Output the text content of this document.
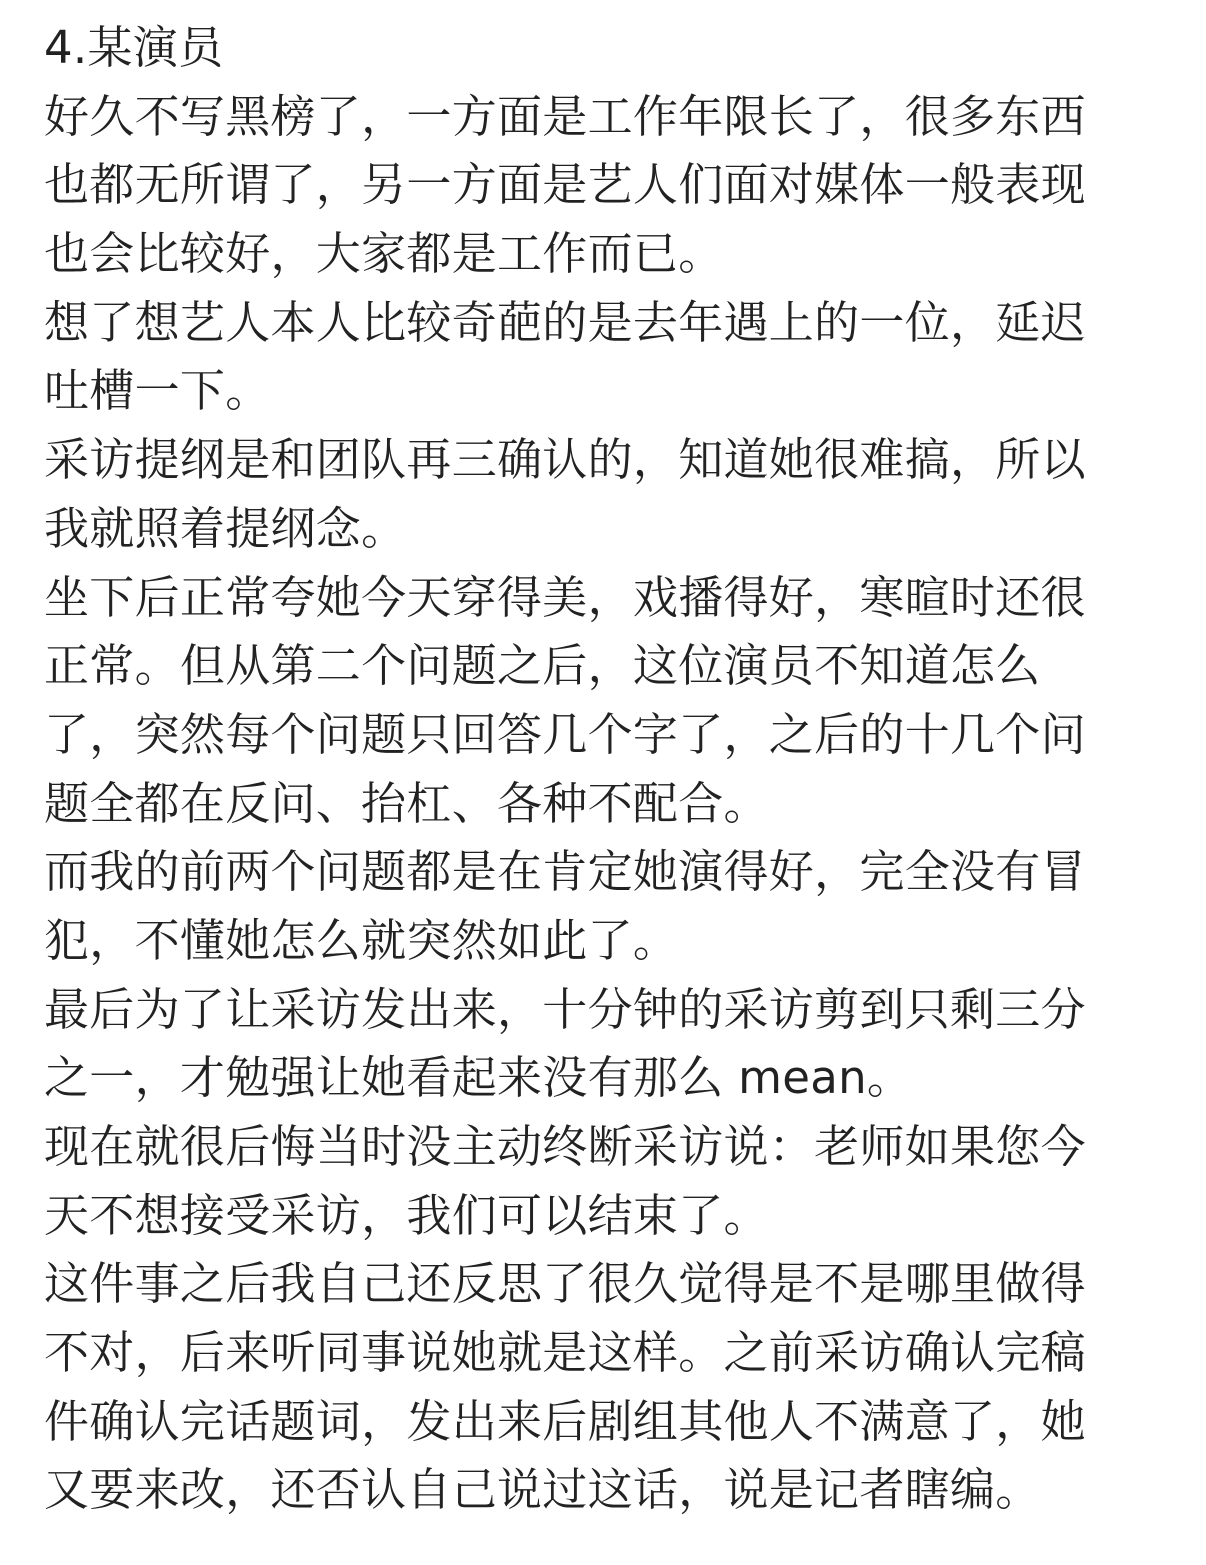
4.某演员
好久不写黑榜了，一方面是工作年限长了，很多东西
也都无所谓了，另一方面是艺人们面对媒体一般表现
也会比较好，大家都是工作而已。
想了想艺人本人比较奇葩的是去年遇上的一位，延迟
吐槽一下。
采访提纲是和团队再三确认的，知道她很难搞，所以
我就照着提纲念。
坐下后正常夸她今天穿得美，戏播得好，寒暄时还很
正常。但从第二个问题之后，这位演员不知道怎么
了，突然每个问题只回答几个字了，之后的十几个问
题全都在反问、抬杠、各种不配合。
而我的前两个问题都是在肯定她演得好，完全没有冒
犯，不懂她怎么就突然如此了。
最后为了让采访发出来，十分钟的采访剪到只剩三分
之一，才勉强让她看起来没有那么 mean。
现在就很后悔当时没主动终断采访说：老师如果您今
天不想接受采访，我们可以结束了。
这件事之后我自己还反思了很久觉得是不是哪里做得
不对，后来听同事说她就是这样。之前采访确认完稿
件确认完话题词，发出来后剧组其他人不满意了，她
又要来改，还否认自己说过这话，说是记者瞎编。
